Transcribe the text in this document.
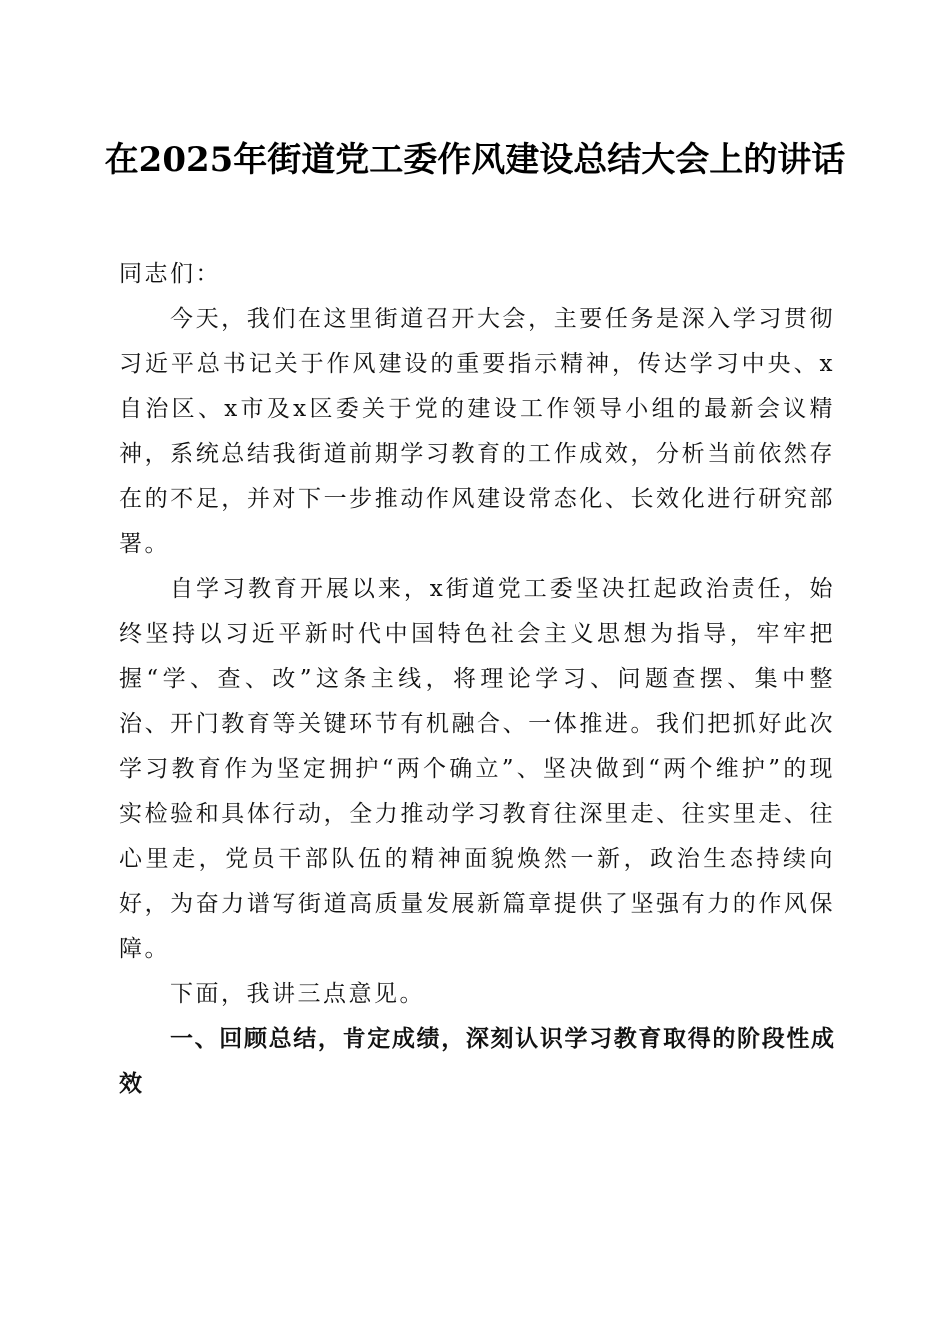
在2025年街道党工委作风建设总结大会上的讲话

同志们：

今天，我们在这里街道召开大会，主要任务是深入学习贯彻习近平总书记关于作风建设的重要指示精神，传达学习中央、x自治区、x市及x区委关于党的建设工作领导小组的最新会议精神，系统总结我街道前期学习教育的工作成效，分析当前依然存在的不足，并对下一步推动作风建设常态化、长效化进行研究部署。

自学习教育开展以来，x街道党工委坚决扛起政治责任，始终坚持以习近平新时代中国特色社会主义思想为指导，牢牢把握“学、查、改”这条主线，将理论学习、问题查摆、集中整治、开门教育等关键环节有机融合、一体推进。我们把抓好此次学习教育作为坚定拥护“两个确立”、坚决做到“两个维护”的现实检验和具体行动，全力推动学习教育往深里走、往实里走、往心里走，党员干部队伍的精神面貌焕然一新，政治生态持续向好，为奋力谱写街道高质量发展新篇章提供了坚强有力的作风保障。

下面，我讲三点意见。

一、回顾总结，肯定成绩，深刻认识学习教育取得的阶段性成效
